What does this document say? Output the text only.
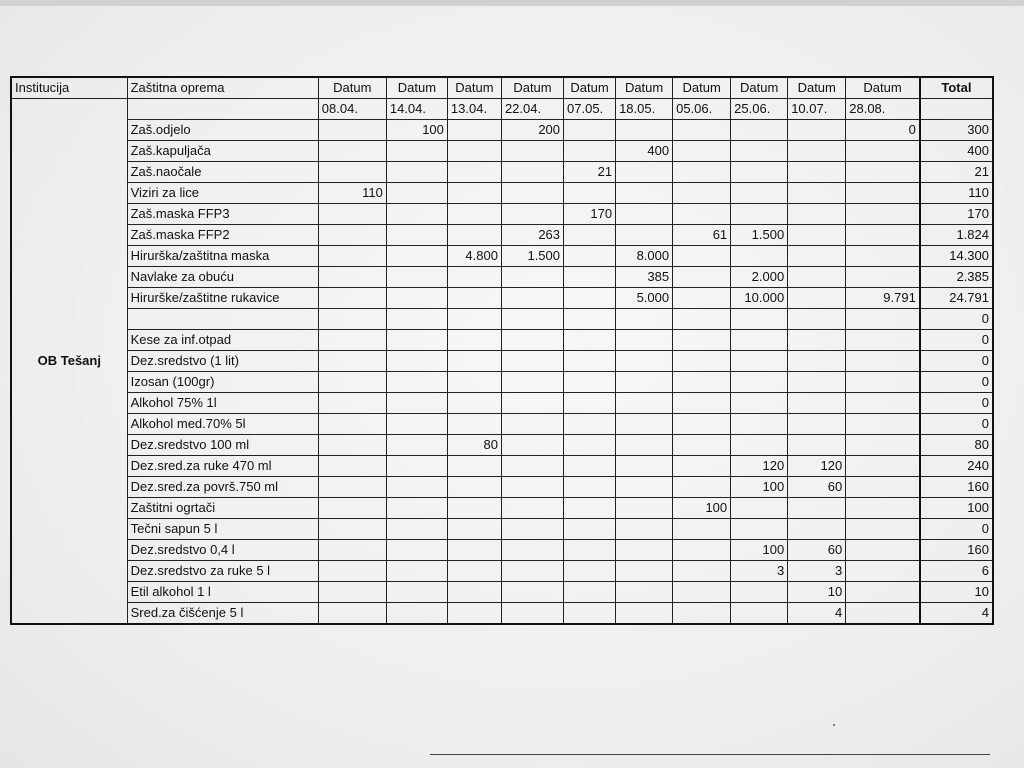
Institucija	Zaštitna oprema	Datum	Datum	Datum	Datum	Datum	Datum	Datum	Datum	Datum	Datum	Total
OB Tešanj		08.04.	14.04.	13.04.	22.04.	07.05.	18.05.	05.06.	25.06.	10.07.	28.08.	
	Zaš.odjelo		100		200						0	300
	Zaš.kapuljača						400					400
	Zaš.naočale					21						21
	Viziri za lice	110										110
	Zaš.maska FFP3					170						170
	Zaš.maska FFP2				263			61	1.500			1.824
	Hirurška/zaštitna maska			4.800	1.500		8.000					14.300
	Navlake za obuću						385		2.000			2.385
	Hirurške/zaštitne rukavice						5.000		10.000		9.791	24.791
												0
	Kese za inf.otpad											0
	Dez.sredstvo (1 lit)											0
	Izosan (100gr)											0
	Alkohol 75% 1l											0
	Alkohol med.70% 5l											0
	Dez.sredstvo 100 ml			80								80
	Dez.sred.za ruke 470 ml								120	120		240
	Dez.sred.za površ.750 ml								100	60		160
	Zaštitni ogrtači							100				100
	Tečni sapun 5 l											0
	Dez.sredstvo 0,4 l								100	60		160
	Dez.sredstvo za ruke 5 l								3	3		6
	Etil alkohol 1 l									10		10
	Sred.za čišćenje 5 l									4		4
